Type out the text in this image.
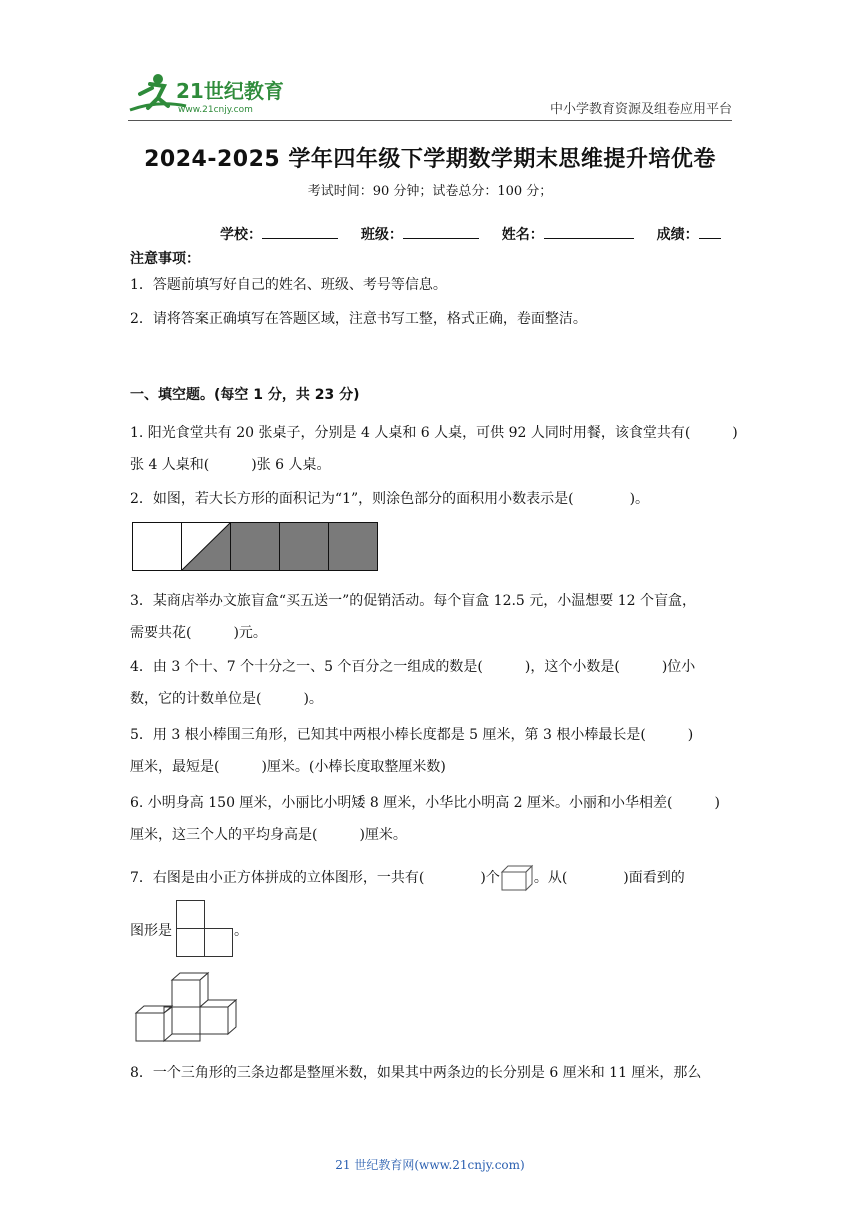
21世纪教育
www.21cnjy.com	中小学教育资源及组卷应用平台
2024-2025 学年四年级下学期数学期末思维提升培优卷
考试时间：90 分钟；试卷总分：100 分；
学校：	班级：	姓名：	成绩：
注意事项：
1．答题前填写好自己的姓名、班级、考号等信息。
2．请将答案正确填写在答题区域，注意书写工整，格式正确，卷面整洁。
一、填空题。(每空 1 分，共 23 分)
1. 阳光食堂共有 20 张桌子，分别是 4 人桌和 6 人桌，可供 92 人同时用餐，该食堂共有(　　　)
张 4 人桌和(　　　)张 6 人桌。
2．如图，若大长方形的面积记为“1”，则涂色部分的面积用小数表示是(　　　　)。
3．某商店举办文旅盲盒“买五送一”的促销活动。每个盲盒 12.5 元，小温想要 12 个盲盒，
需要共花(　　　)元。
4．由 3 个十、7 个十分之一、5 个百分之一组成的数是(　　　)，这个小数是(　　　)位小
数，它的计数单位是(　　　)。
5．用 3 根小棒围三角形，已知其中两根小棒长度都是 5 厘米，第 3 根小棒最长是(　　　)
厘米，最短是(　　　)厘米。(小棒长度取整厘米数)
6. 小明身高 150 厘米，小丽比小明矮 8 厘米，小华比小明高 2 厘米。小丽和小华相差(　　　)
厘米，这三个人的平均身高是(　　　)厘米。
7．右图是由小正方体拼成的立体图形，一共有(　　　　)个 。从(　　　　)面看到的
图形是	。
8．一个三角形的三条边都是整厘米数，如果其中两条边的长分别是 6 厘米和 11 厘米，那么
21 世纪教育网(www.21cnjy.com)
